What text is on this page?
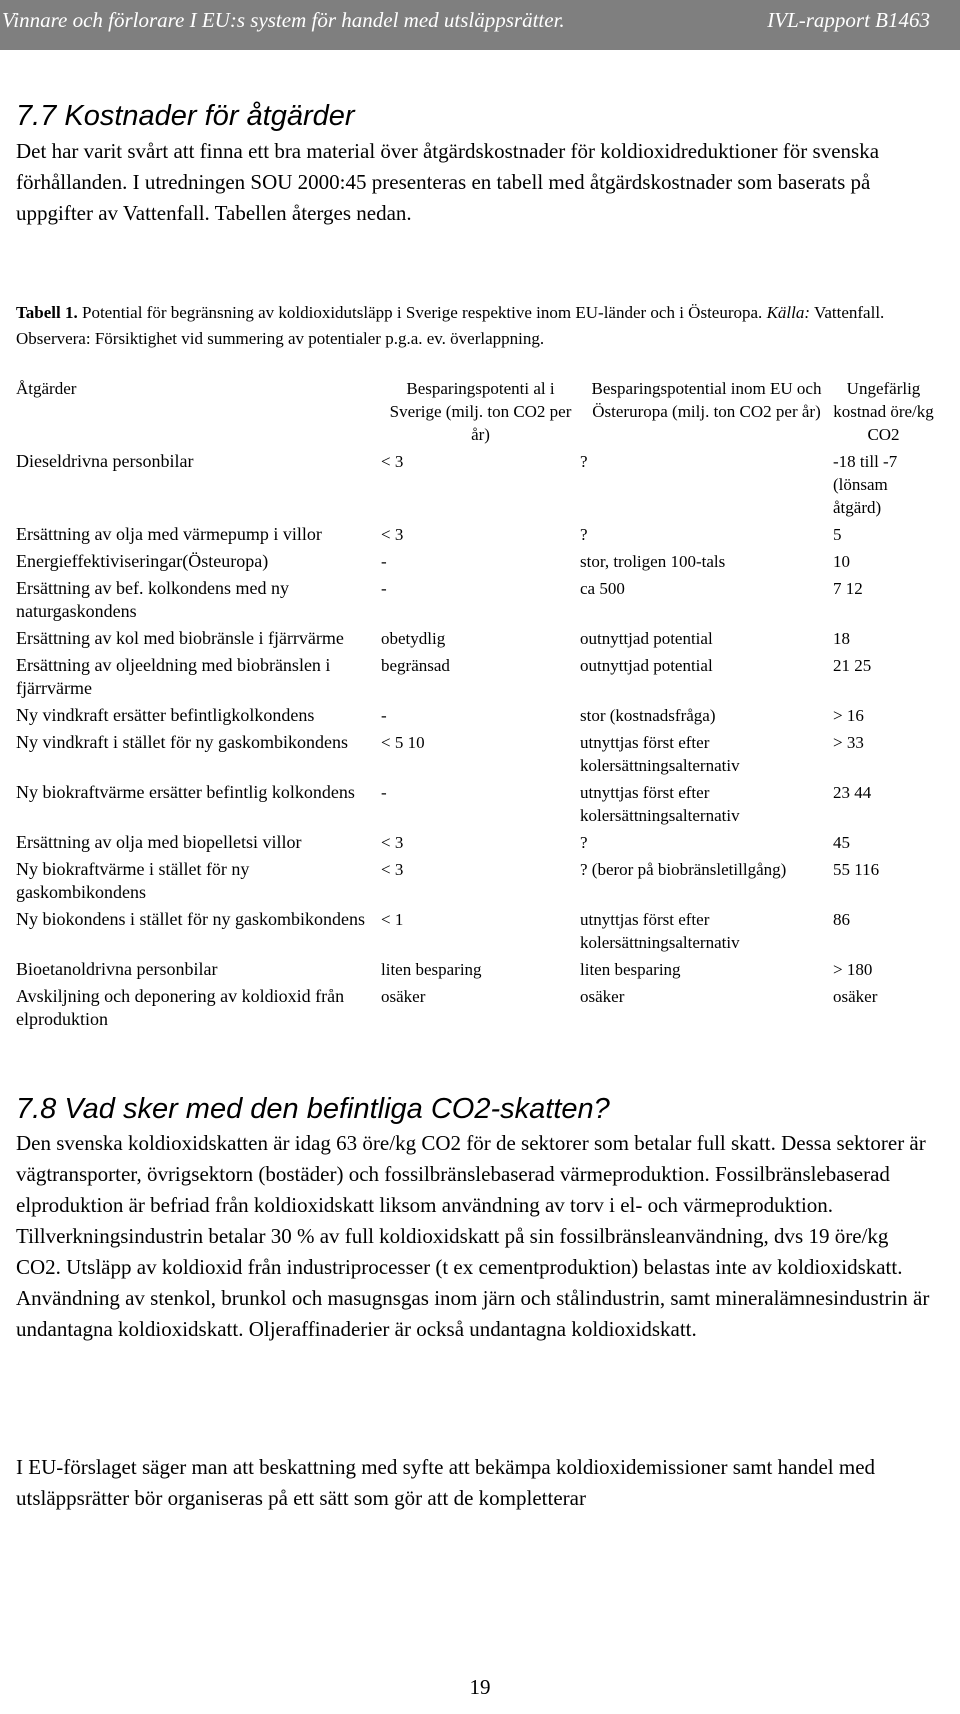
Vinnare och förlorare I EU:s system för handel med utsläppsrätter.	IVL-rapport B1463
7.7 Kostnader för åtgärder

Det har varit svårt att finna ett bra material över åtgärdskostnader för koldioxidreduktioner för svenska förhållanden. I utredningen SOU 2000:45 presenteras en tabell med åtgärdskostnader som baserats på uppgifter av Vattenfall. Tabellen återges nedan.

Tabell 1. Potential för begränsning av koldioxidutsläpp i Sverige respektive inom EU-länder och i Östeuropa. Källa: Vattenfall. Observera: Försiktighet vid summering av potentialer p.g.a. ev. överlappning.

Åtgärder	Besparingspotenti al i Sverige (milj. ton CO2 per år)	Besparingspotential inom EU och Österuropa (milj. ton CO2 per år)	Ungefärlig kostnad öre/kg CO2
Dieseldrivna personbilar	< 3	?	-18 till -7 (lönsam åtgärd)
Ersättning av olja med värmepump i villor	< 3	?	5
Energieffektiviseringar(Östeuropa)	-	stor, troligen 100-tals	10
Ersättning av bef. kolkondens med ny naturgaskondens	-	ca 500	7 12
Ersättning av kol med biobränsle i fjärrvärme	obetydlig	outnyttjad potential	18
Ersättning av oljeeldning med biobränslen i fjärrvärme	begränsad	outnyttjad potential	21 25
Ny vindkraft ersätter befintligkolkondens	-	stor (kostnadsfråga)	> 16
Ny vindkraft i stället för ny gaskombikondens	< 5 10	utnyttjas först efter kolersättningsalternativ	> 33
Ny biokraftvärme ersätter befintlig kolkondens	-	utnyttjas först efter kolersättningsalternativ	23 44
Ersättning av olja med biopelletsi villor	< 3	?	45
Ny biokraftvärme i stället för ny gaskombikondens	< 3	? (beror på biobränsletillgång)	55 116
Ny biokondens i stället för ny gaskombikondens	< 1	utnyttjas först efter kolersättningsalternativ	86
Bioetanoldrivna personbilar	liten besparing	liten besparing	> 180
Avskiljning och deponering av koldioxid från elproduktion	osäker	osäker	osäker
7.8 Vad sker med den befintliga CO2-skatten?

Den svenska koldioxidskatten är idag 63 öre/kg CO2 för de sektorer som betalar full skatt. Dessa sektorer är vägtransporter, övrigsektorn (bostäder) och fossilbränslebaserad värmeproduktion. Fossilbränslebaserad elproduktion är befriad från koldioxidskatt liksom användning av torv i el- och värmeproduktion. Tillverkningsindustrin betalar 30 % av full koldioxidskatt på sin fossilbränsleanvändning, dvs 19 öre/kg CO2. Utsläpp av koldioxid från industriprocesser (t ex cementproduktion) belastas inte av koldioxidskatt. Användning av stenkol, brunkol och masugnsgas inom järn och stålindustrin, samt mineralämnesindustrin är undantagna koldioxidskatt. Oljeraffinaderier är också undantagna koldioxidskatt.

I EU-förslaget säger man att beskattning med syfte att bekämpa koldioxidemissioner samt handel med utsläppsrätter bör organiseras på ett sätt som gör att de kompletterar

19
